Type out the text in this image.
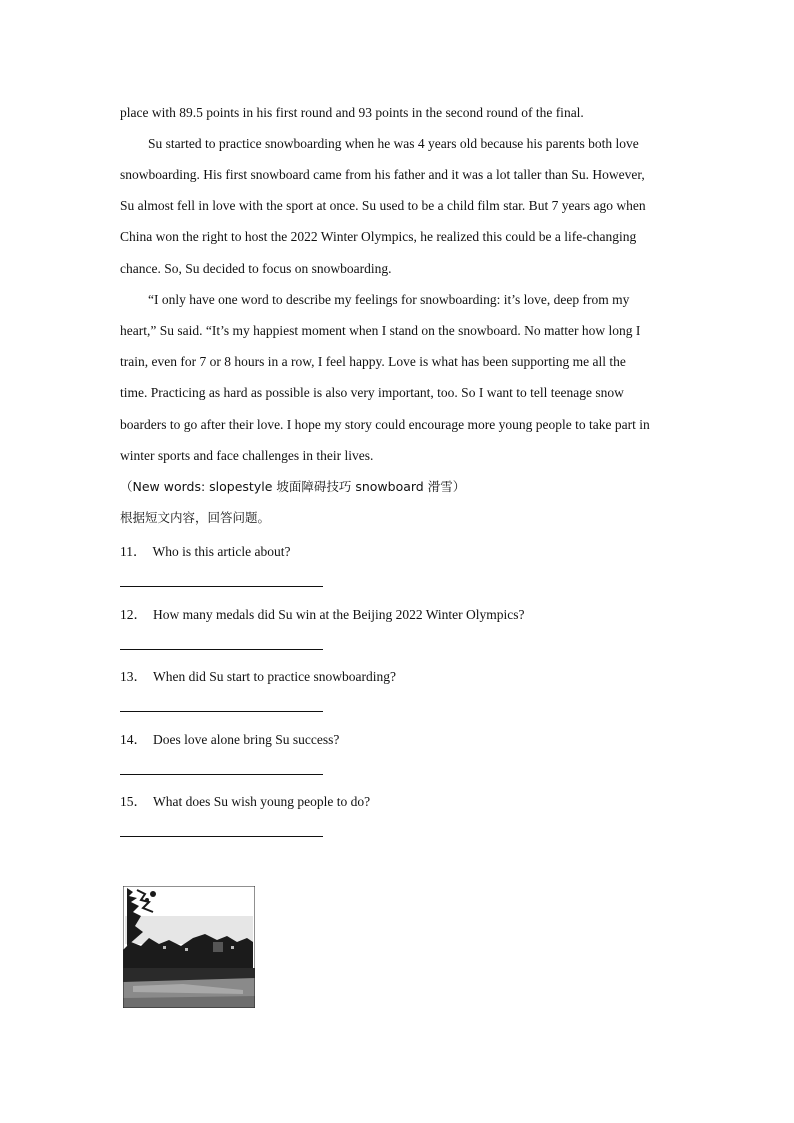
place with 89.5 points in his first round and 93 points in the second round of the final.
Su started to practice snowboarding when he was 4 years old because his parents both love
snowboarding. His first snowboard came from his father and it was a lot taller than Su. However,
Su almost fell in love with the sport at once. Su used to be a child film star. But 7 years ago when
China won the right to host the 2022 Winter Olympics, he realized this could be a life-changing
chance. So, Su decided to focus on snowboarding.
“I only have one word to describe my feelings for snowboarding: it’s love, deep from my
heart,” Su said. “It’s my happiest moment when I stand on the snowboard. No matter how long I
train, even for 7 or 8 hours in a row, I feel happy. Love is what has been supporting me all the
time. Practicing as hard as possible is also very important, too. So I want to tell teenage snow
boarders to go after their love. I hope my story could encourage more young people to take part in
winter sports and face challenges in their lives.
（New words: slopestyle 坡面障碍技巧 snowboard 滑雪）
根据短文内容，回答问题。
11． Who is this article about?
12． How many medals did Su win at the Beijing 2022 Winter Olympics?
13． When did Su start to practice snowboarding?
14． Does love alone bring Su success?
15． What does Su wish young people to do?
